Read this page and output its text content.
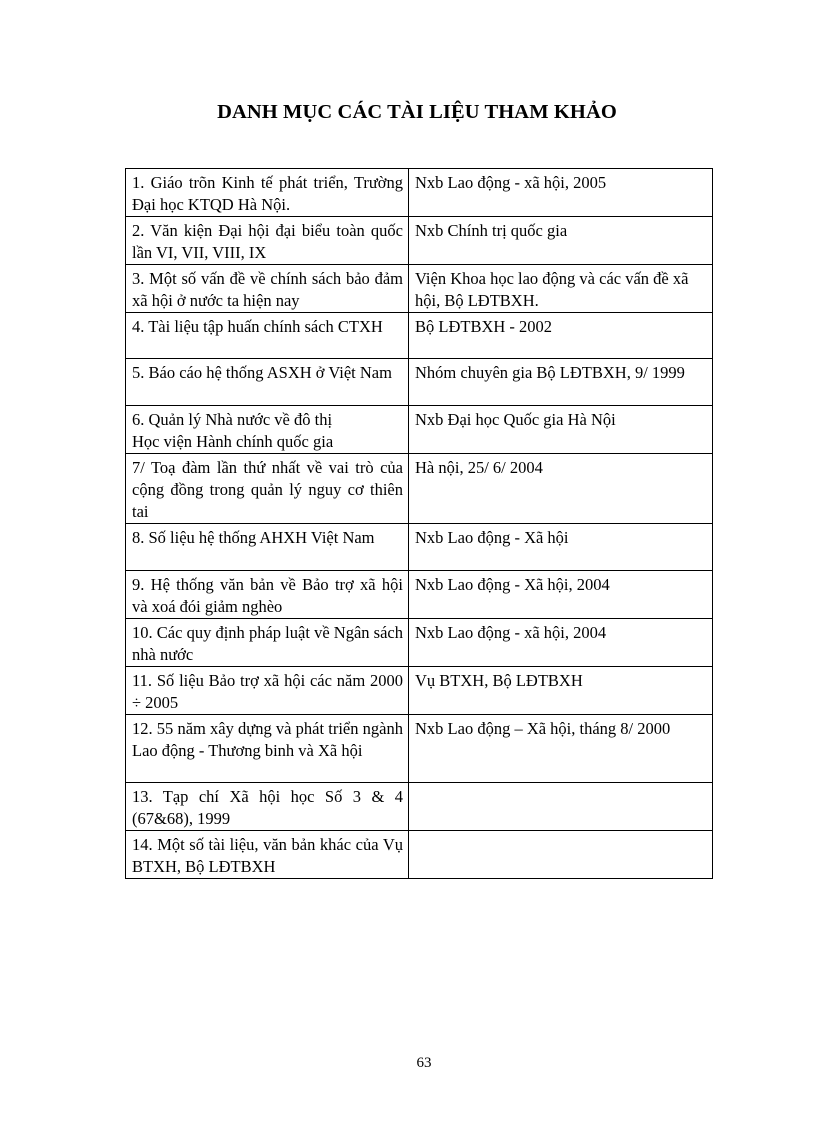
DANH MỤC CÁC TÀI LIỆU THAM KHẢO
1. Giáo trõn Kinh tế phát triển, Trường Đại học KTQD Hà Nội.	Nxb Lao động - xã hội, 2005
2. Văn kiện Đại hội đại biểu toàn quốc lần VI, VII, VIII, IX	Nxb Chính trị quốc gia
3. Một số vấn đề về chính sách bảo đảm xã hội ở nước ta hiện nay	Viện Khoa học lao động và các vấn đề xã hội, Bộ LĐTBXH.
4. Tài liệu tập huấn chính sách CTXH	Bộ LĐTBXH - 2002
5. Báo cáo hệ thống ASXH ở Việt Nam	Nhóm chuyên gia Bộ LĐTBXH, 9/ 1999
6. Quản lý Nhà nước về đô thị
Học viện Hành chính quốc gia	Nxb Đại học Quốc gia Hà Nội
7/ Toạ đàm lần thứ nhất về vai trò của cộng đồng trong quản lý nguy cơ thiên tai	Hà nội, 25/ 6/ 2004
8. Số liệu hệ thống AHXH Việt Nam	Nxb Lao động - Xã hội
9. Hệ thống văn bản về Bảo trợ xã hội và xoá đói giảm nghèo	Nxb Lao động - Xã hội, 2004
10. Các quy định pháp luật về Ngân sách nhà nước	Nxb Lao động - xã hội, 2004
11. Số liệu Bảo trợ xã hội các năm 2000 ÷ 2005	Vụ BTXH, Bộ LĐTBXH
12. 55 năm xây dựng và phát triển ngành Lao động - Thương binh và Xã hội	Nxb Lao động – Xã hội, tháng 8/ 2000
13. Tạp chí Xã hội học Số 3 & 4 (67&68), 1999	
14. Một số tài liệu, văn bản khác của Vụ BTXH, Bộ LĐTBXH	
63
